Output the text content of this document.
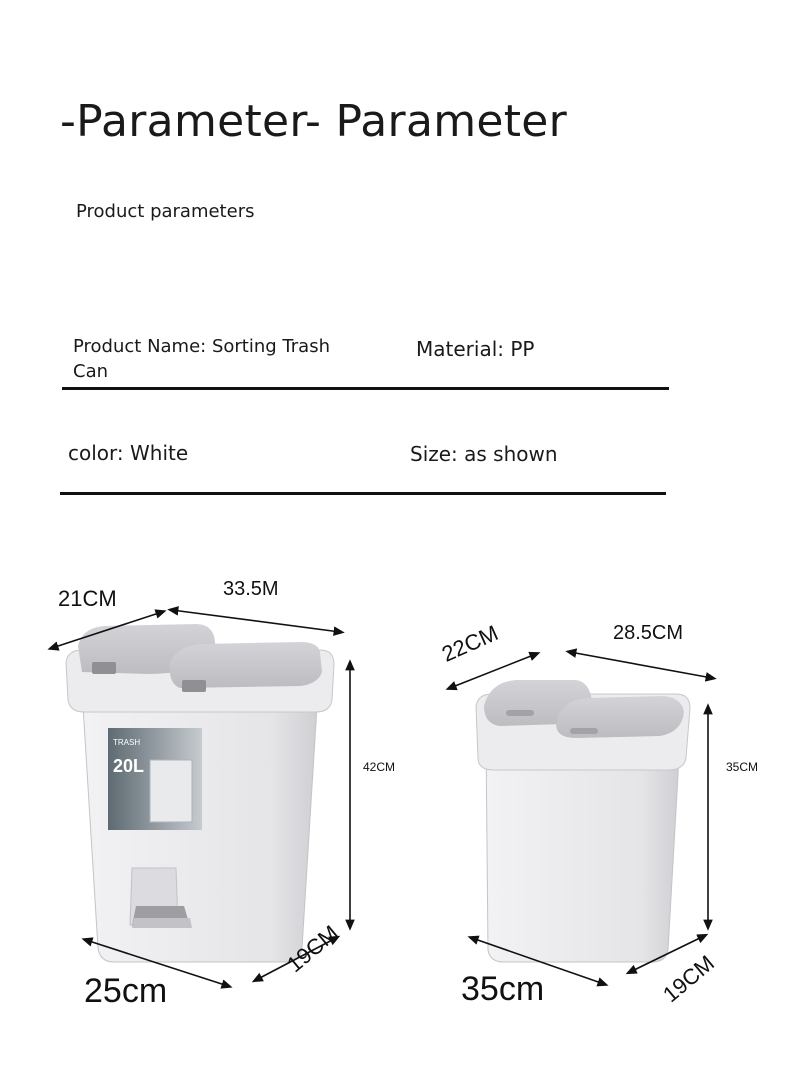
-Parameter- Parameter
Product parameters
Product Name: Sorting Trash Can
Material: PP
color: White	Size: as shown
TRASH
20L
21CM	33.5M
42CM
25cm
19CM
22CM	28.5CM
35CM
35cm	19CM
